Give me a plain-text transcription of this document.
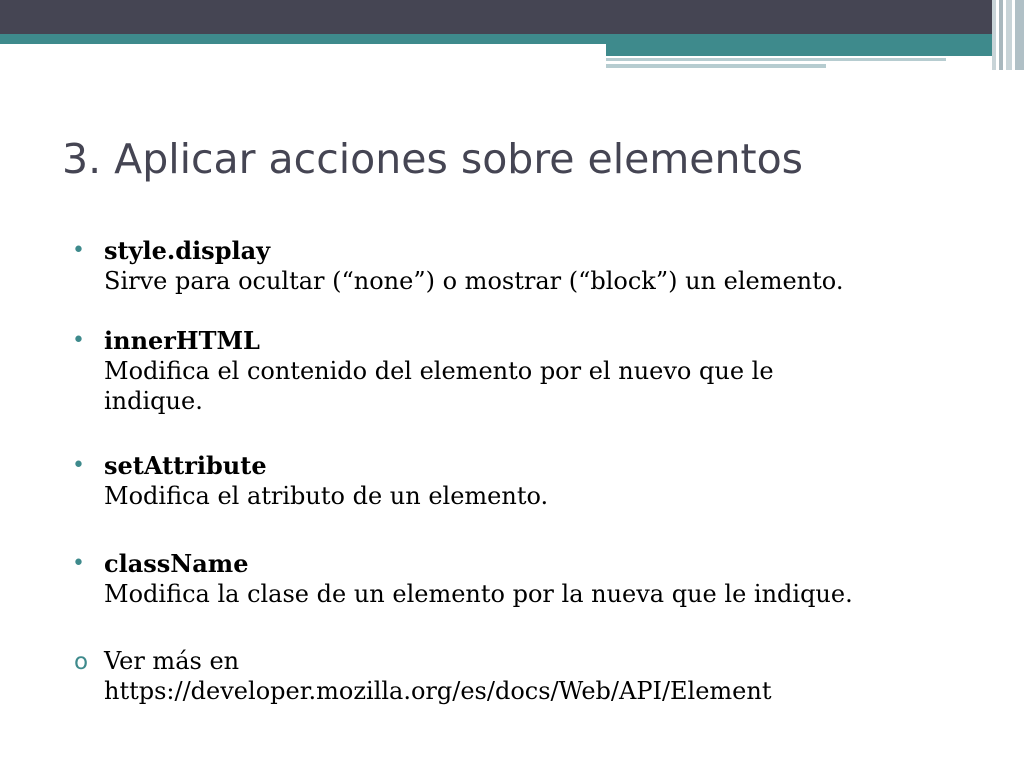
3. Aplicar acciones sobre elementos
• style.display
Sirve para ocultar (“none”) o mostrar (“block”) un elemento.
• innerHTML
Modifica el contenido del elemento por el nuevo que le indique.
• setAttribute
Modifica el atributo de un elemento.
• className
Modifica la clase de un elemento por la nueva que le indique.
o Ver más en
https://developer.mozilla.org/es/docs/Web/API/Element
